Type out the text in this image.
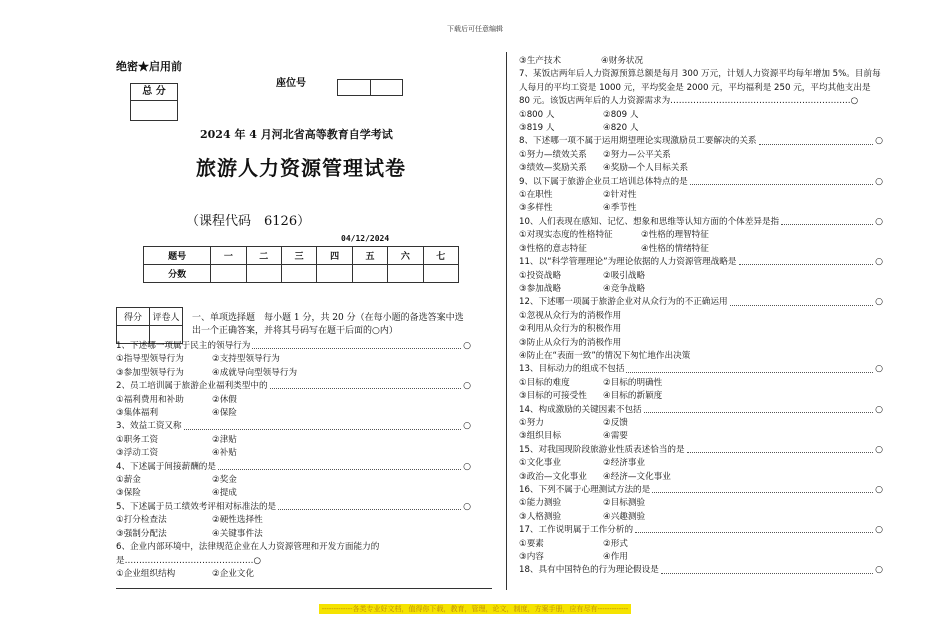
下载后可任意编辑
绝密★启用前
座位号
总 分
2024 年 4 月河北省高等教育自学考试
旅游人力资源管理试卷
（课程代码　6126）
04/12/2024
题号	一	二	三	四	五	六	七
分数							
得分	评卷人
	一、单项选择题　每小题 1 分，共 20 分（在每小题的备选答案中选出一个正确答案，并将其号码写在题干后面的○内）
1、下述哪一项属于民主的领导行为	○
①指导型领导行为	②支持型领导行为
③参加型领导行为	④成就导向型领导行为
2、员工培训属于旅游企业福利类型中的	○
①福利费用和补助	②休假
③集体福利	④保险
3、效益工资又称	○
①职务工资	②津贴
③浮动工资	④补贴
4、下述属于间接薪酬的是	○
①薪金	②奖金
③保险	④提成
5、下述属于员工绩效考评相对标准法的是	○
①打分检查法	②硬性选择性
③强制分配法	④关键事件法
6、企业内部环境中，法律规范企业在人力资源管理和开发方面能力的是………………………………………○
①企业组织结构	②企业文化
③生产技术	④财务状况
7、某饭店两年后人力资源预算总额是每月 300 万元，计划人力资源平均每年增加 5%。目前每人每月的平均工资是 1000 元，平均奖金是 2000 元，平均福利是 250 元，平均其他支出是 80 元。该饭店两年后的人力资源需求为………………………………………………………○
①800 人	②809 人
③819 人	④820 人
8、下述哪一项不属于运用期望理论实现激励员工要解决的关系	○
①努力—绩效关系 ②努力—公平关系
③绩效—奖励关系 ④奖励—个人目标关系
9、以下属于旅游企业员工培训总体特点的是	○
①在职性	②针对性
③多样性	④季节性
10、人们表现在感知、记忆、想象和思维等认知方面的个体差异是指	○
①对现实态度的性格特征	②性格的理智特征
③性格的意志特征	④性格的情绪特征
11、以“科学管理理论”为理论依据的人力资源管理战略是	○
①投资战略	②吸引战略
③参加战略	④竞争战略
12、下述哪一项属于旅游企业对从众行为的不正确运用	○
①忽视从众行为的消极作用
②利用从众行为的积极作用
③防止从众行为的消极作用
④防止在“表面一致”的情况下匆忙地作出决策
13、目标动力的组成不包括	○
①目标的难度	②目标的明确性
③目标的可接受性 ④目标的新颖度
14、构成激励的关键因素不包括	○
①努力	②反馈
③组织目标	④需要
15、对我国现阶段旅游业性质表述恰当的是	○
①文化事业	②经济事业
③政治—文化事业 ④经济—文化事业
16、下列不属于心理测试方法的是	○
①能力测验	②目标测验
③人格测验	④兴趣测验
17、工作说明属于工作分析的	○
①要素	②形式
③内容	④作用
18、具有中国特色的行为理论假设是	○
-------------各类专业好文档，值得你下载，教育，管理，论文，制度，方案手册，应有尽有-------------
